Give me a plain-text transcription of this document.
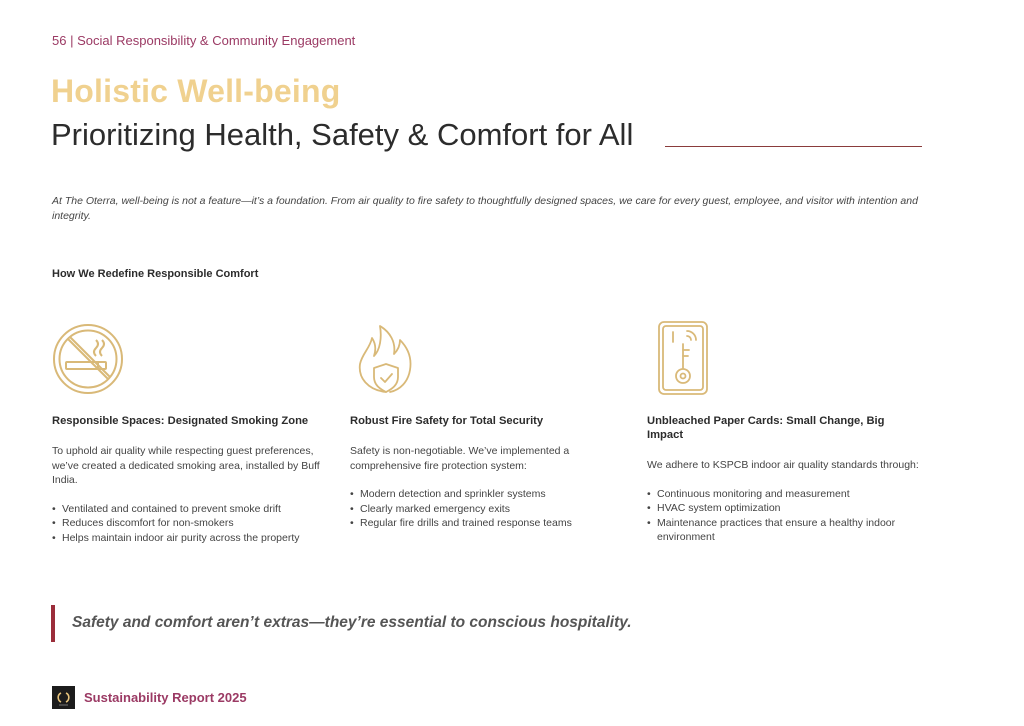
56 | Social Responsibility & Community Engagement
Holistic Well-being
Prioritizing Health, Safety & Comfort for All

At The Oterra, well-being is not a feature—it’s a foundation. From air quality to fire safety to thoughtfully designed spaces, we care for every guest, employee, and visitor with intention and integrity.

How We Redefine Responsible Comfort
Responsible Spaces: Designated Smoking Zone

To uphold air quality while respecting guest preferences, we’ve created a dedicated smoking area, installed by Buff India.

• Ventilated and contained to prevent smoke drift
• Reduces discomfort for non-smokers
• Helps maintain indoor air purity across the property
Robust Fire Safety for Total Security

Safety is non-negotiable. We’ve implemented a comprehensive fire protection system:

• Modern detection and sprinkler systems
• Clearly marked emergency exits
• Regular fire drills and trained response teams
Unbleached Paper Cards: Small Change, Big Impact

We adhere to KSPCB indoor air quality standards through:

• Continuous monitoring and measurement
• HVAC system optimization
• Maintenance practices that ensure a healthy indoor environment
Safety and comfort aren’t extras—they’re essential to conscious hospitality.
Sustainability Report 2025
